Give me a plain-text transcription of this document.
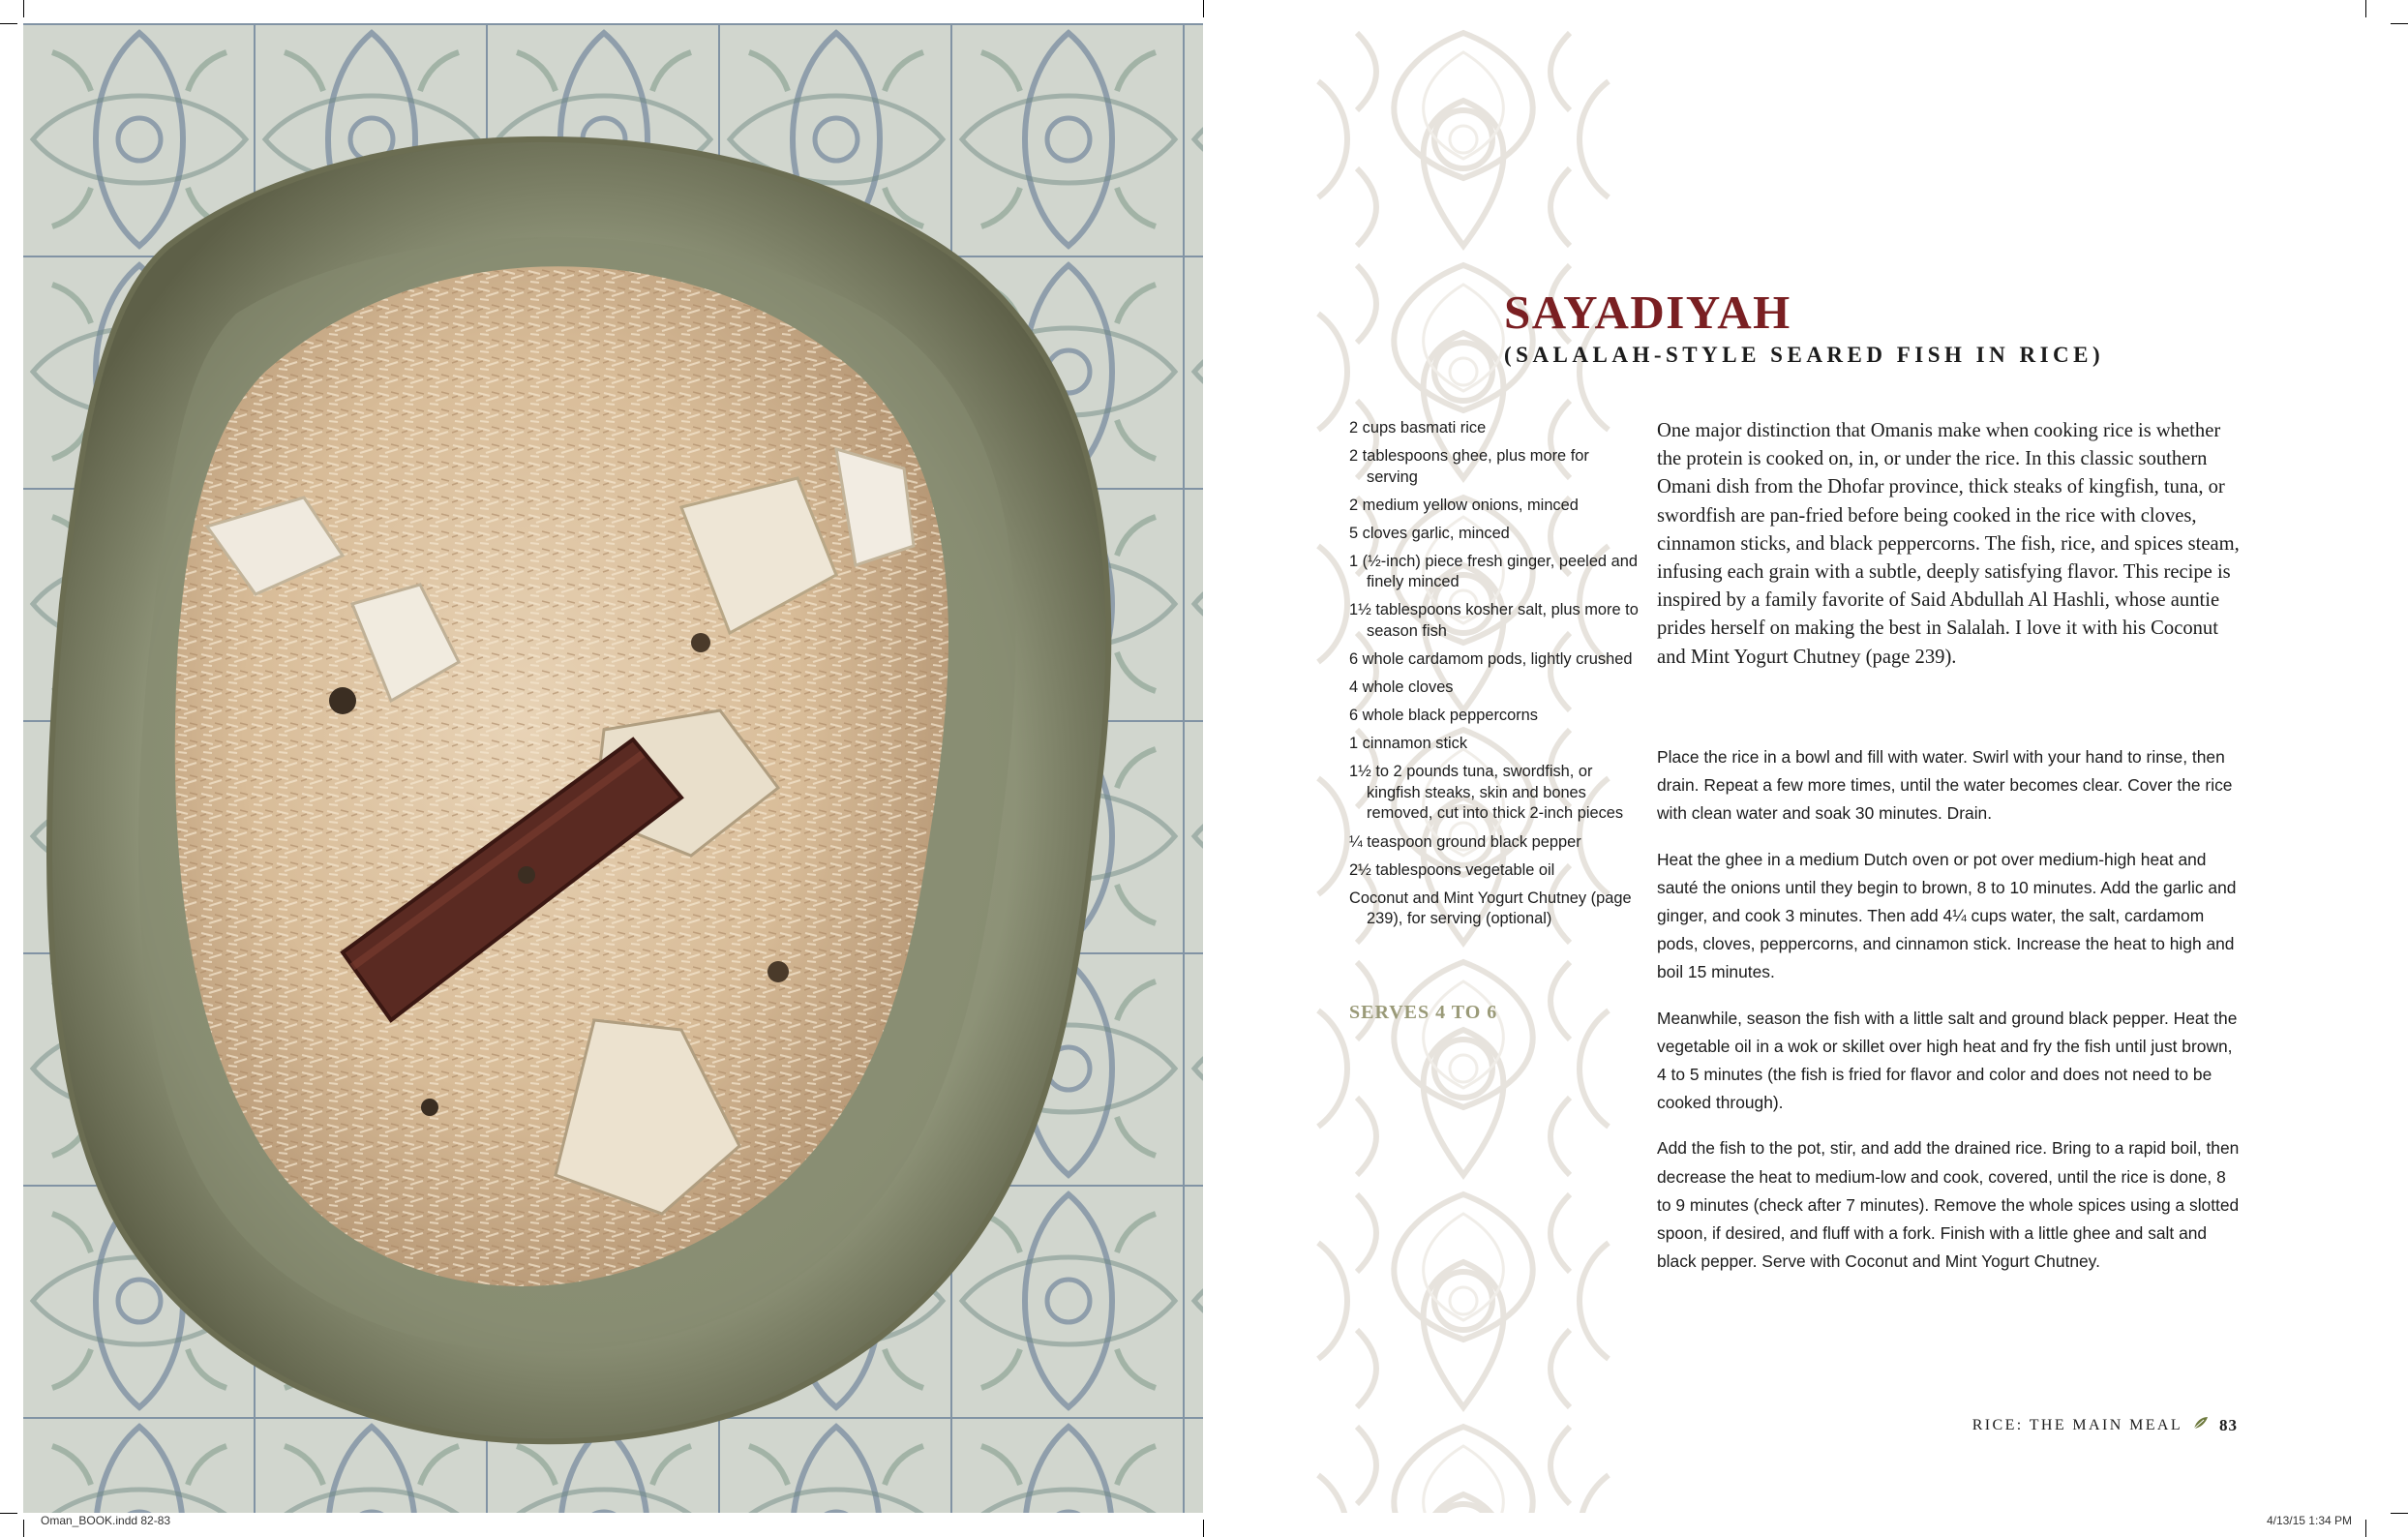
SAYADIYAH
(SALALAH-STYLE SEARED FISH IN RICE)
2 cups basmati rice
2 tablespoons ghee, plus more for serving
2 medium yellow onions, minced
5 cloves garlic, minced
1 (½-inch) piece fresh ginger, peeled and finely minced
1½ tablespoons kosher salt, plus more to season fish
6 whole cardamom pods, lightly crushed
4 whole cloves
6 whole black peppercorns
1 cinnamon stick
1½ to 2 pounds tuna, swordfish, or kingfish steaks, skin and bones removed, cut into thick 2-inch pieces
¼ teaspoon ground black pepper
2½ tablespoons vegetable oil
Coconut and Mint Yogurt Chutney (page 239), for serving (optional)

SERVES 4 TO 6

One major distinction that Omanis make when cooking rice is whether the protein is cooked on, in, or under the rice. In this classic southern Omani dish from the Dhofar province, thick steaks of kingfish, tuna, or swordfish are pan-fried before being cooked in the rice with cloves, cinnamon sticks, and black peppercorns. The fish, rice, and spices steam, infusing each grain with a subtle, deeply satisfying flavor. This recipe is inspired by a family favorite of Said Abdullah Al Hashli, whose auntie prides herself on making the best in Salalah. I love it with his Coconut and Mint Yogurt Chutney (page 239).

Place the rice in a bowl and fill with water. Swirl with your hand to rinse, then drain. Repeat a few more times, until the water becomes clear. Cover the rice with clean water and soak 30 minutes. Drain.

Heat the ghee in a medium Dutch oven or pot over medium-high heat and sauté the onions until they begin to brown, 8 to 10 minutes. Add the garlic and ginger, and cook 3 minutes. Then add 4¼ cups water, the salt, cardamom pods, cloves, peppercorns, and cinnamon stick. Increase the heat to high and boil 15 minutes.

Meanwhile, season the fish with a little salt and ground black pepper. Heat the vegetable oil in a wok or skillet over high heat and fry the fish until just brown, 4 to 5 minutes (the fish is fried for flavor and color and does not need to be cooked through).

Add the fish to the pot, stir, and add the drained rice. Bring to a rapid boil, then decrease the heat to medium-low and cook, covered, until the rice is done, 8 to 9 minutes (check after 7 minutes). Remove the whole spices using a slotted spoon, if desired, and fluff with a fork. Finish with a little ghee and salt and black pepper. Serve with Coconut and Mint Yogurt Chutney.

RICE: THE MAIN MEAL 83
Oman_BOOK.indd 82-83	4/13/15 1:34 PM
